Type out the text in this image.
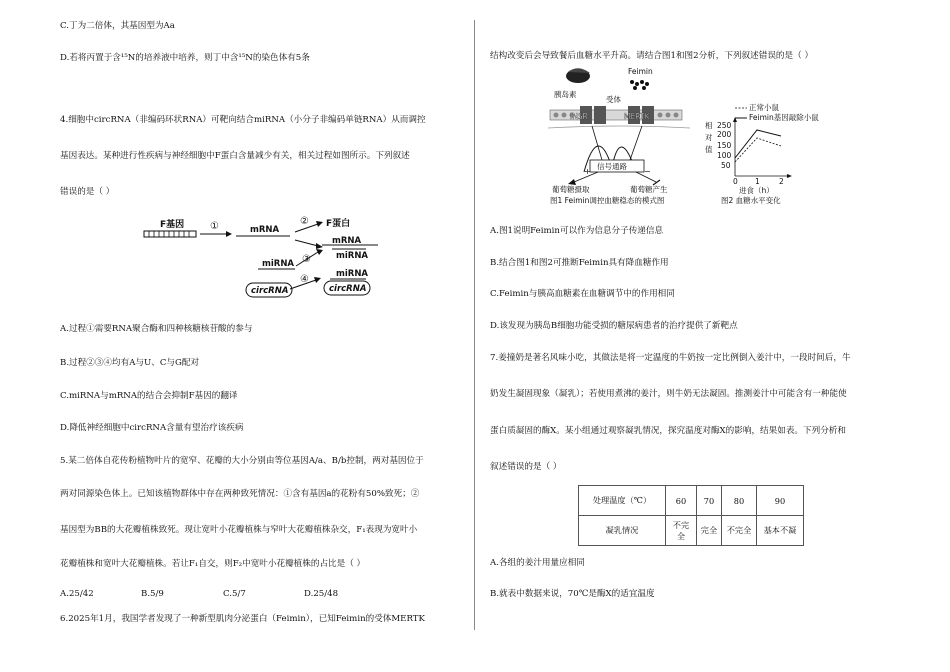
C.丁为二倍体，其基因型为Aa
D.若将丙置于含¹⁵N的培养液中培养，则丁中含¹⁵N的染色体有5条
4.细胞中circRNA（非编码环状RNA）可靶向结合miRNA（小分子非编码单链RNA）从而调控
基因表达。某种进行性疾病与神经细胞中F蛋白含量减少有关，相关过程如图所示。下列叙述
错误的是（ ）
F基因	①	mRNA
② F蛋白
mRNA
miRNA
miRNA ③
miRNA
circRNA
④
circRNA
A.过程①需要RNA聚合酶和四种核糖核苷酸的参与
B.过程②③④均有A与U、C与G配对
C.miRNA与mRNA的结合会抑制F基因的翻译
D.降低神经细胞中circRNA含量有望治疗该疾病
5.某二倍体自花传粉植物叶片的宽窄、花瓣的大小分别由等位基因A/a、B/b控制，两对基因位于
两对同源染色体上。已知该植物群体中存在两种致死情况：①含有基因a的花粉有50%致死；②
基因型为BB的大花瓣植株致死。现让宽叶小花瓣植株与窄叶大花瓣植株杂交，F₁表现为宽叶小
花瓣植株和宽叶大花瓣植株。若让F₁自交，则F₂中宽叶小花瓣植株的占比是（ ）
A.25/42	B.5/9	C.5/7	D.25/48
6.2025年1月，我国学者发现了一种新型肌肉分泌蛋白（Feimin），已知Feimin的受体MERTK
结构改变后会导致餐后血糖水平升高。请结合图1和图2分析，下列叙述错误的是（ ）
胰岛素
Feimin
受体
INSR	MERTK
信号通路
+	−
葡萄糖摄取	葡萄糖产生
图1 Feimin调控血糖稳态的模式图
正常小鼠
Feimin基因敲除小鼠
相
对
值
250
200
150
100
50
0 1	2
进食（h）
图2 血糖水平变化
A.图1说明Feimin可以作为信息分子传递信息
B.结合图1和图2可推断Feimin具有降血糖作用
C.Feimin与胰高血糖素在血糖调节中的作用相同
D.该发现为胰岛B细胞功能受损的糖尿病患者的治疗提供了新靶点
7.姜撞奶是著名风味小吃，其做法是将一定温度的牛奶按一定比例倒入姜汁中，一段时间后，牛
奶发生凝固现象（凝乳）；若使用煮沸的姜汁，则牛奶无法凝固。推测姜汁中可能含有一种能使
蛋白质凝固的酶X。某小组通过观察凝乳情况，探究温度对酶X的影响，结果如表。下列分析和
叙述错误的是（ ）
处理温度（℃）	60	70	80	90
凝乳情况	不完全	完全	不完全	基本不凝
A.各组的姜汁用量应相同
B.就表中数据来说，70℃是酶X的适宜温度
